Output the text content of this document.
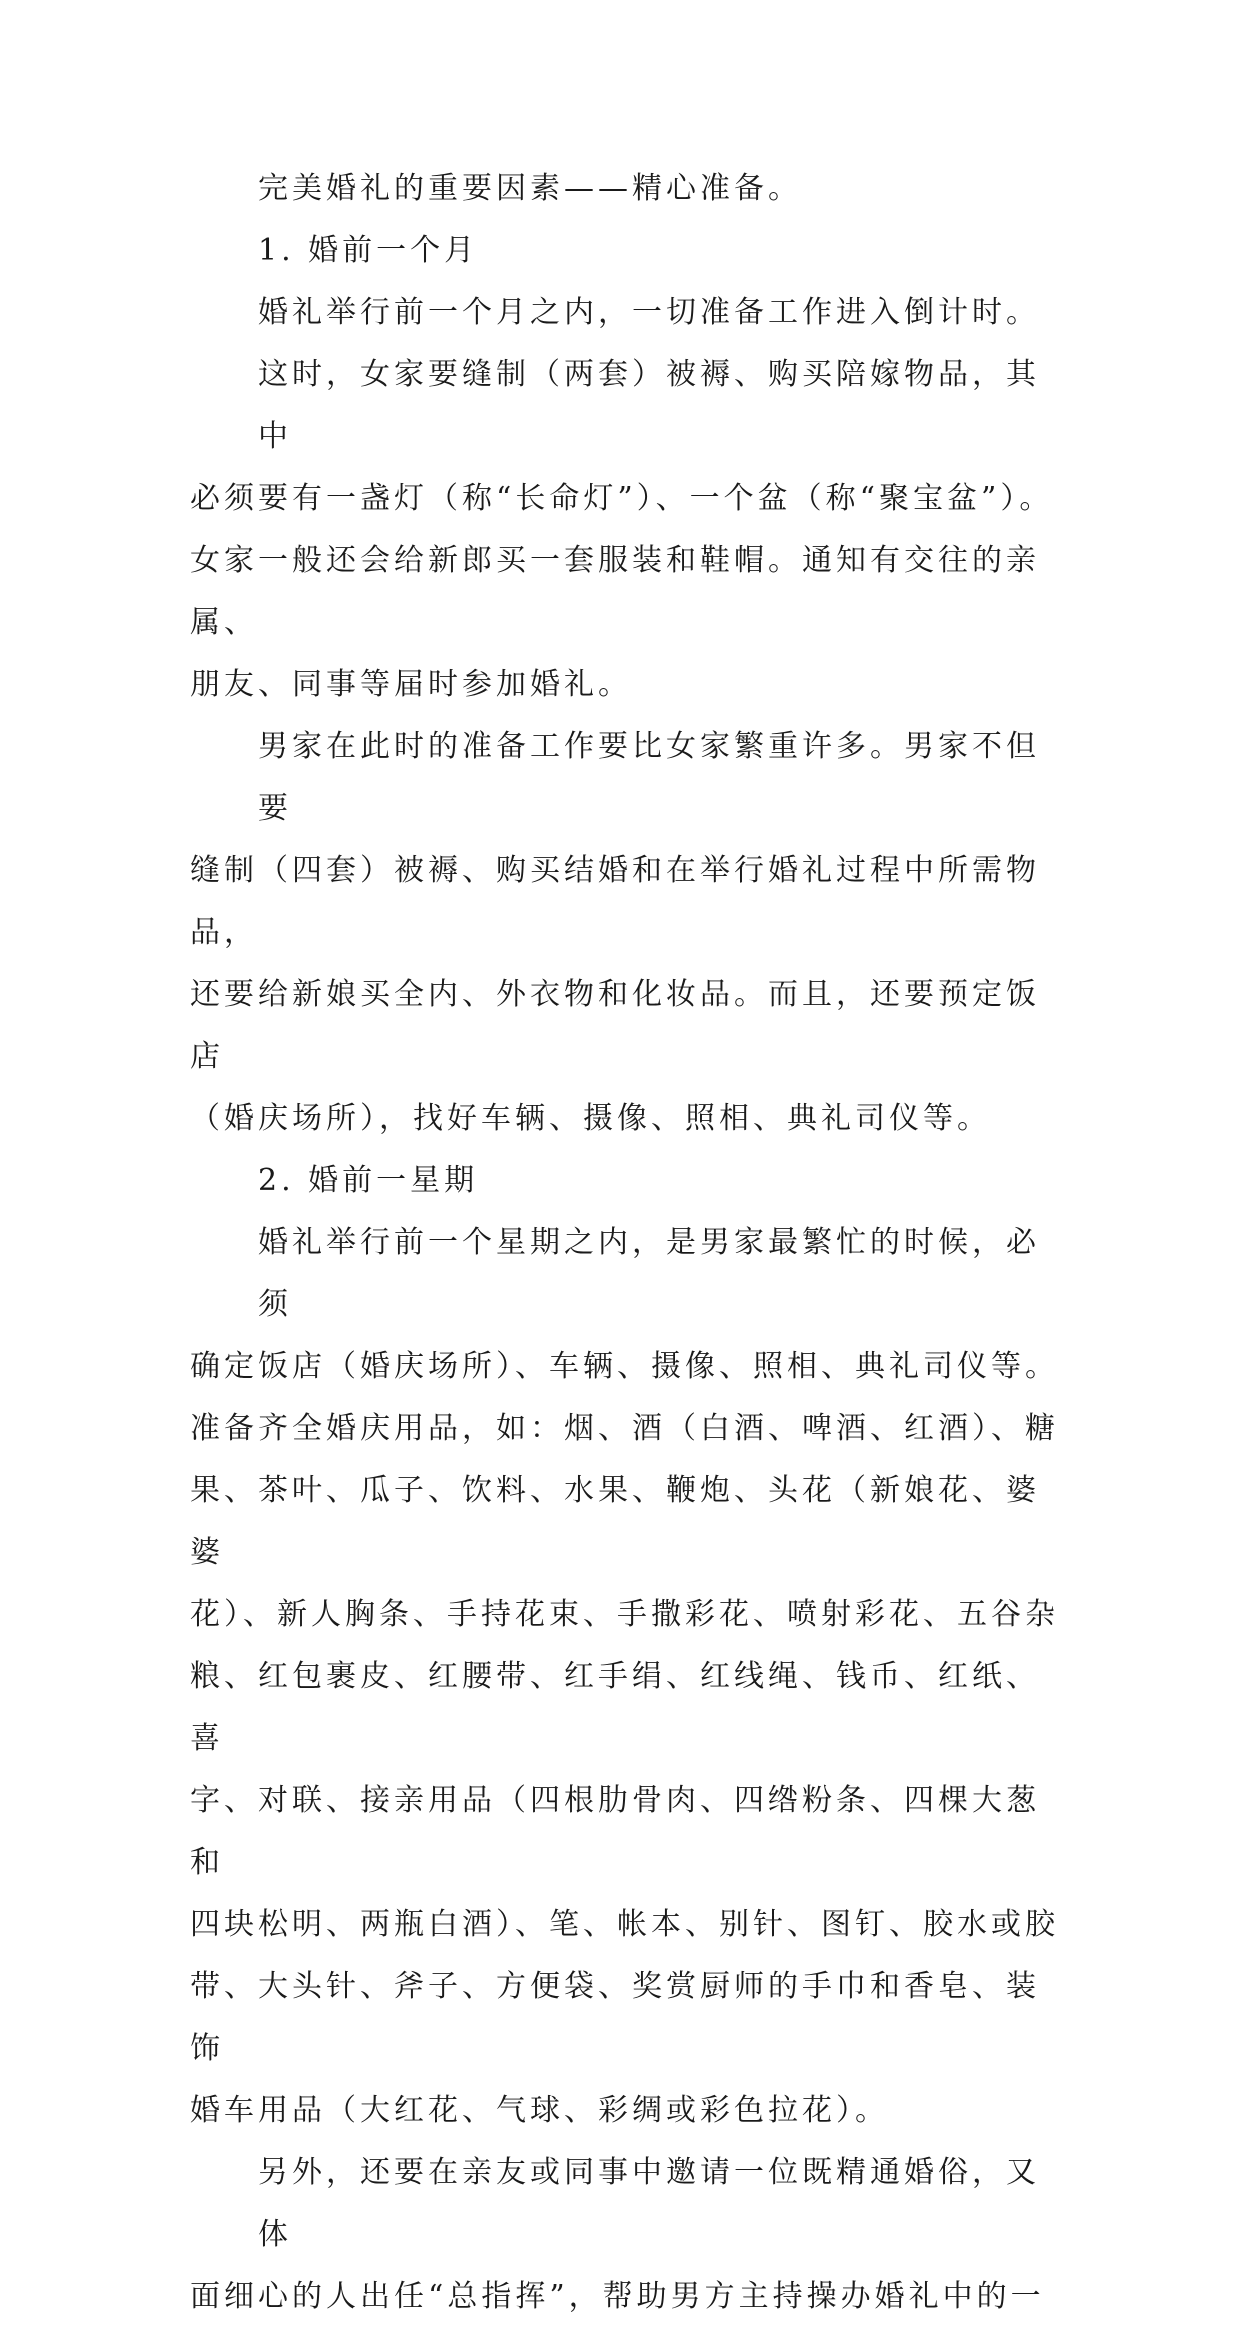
完美婚礼的重要因素——精心准备。

1. 婚前一个月

婚礼举行前一个月之内，一切准备工作进入倒计时。

这时，女家要缝制（两套）被褥、购买陪嫁物品，其中
必须要有一盏灯（称“长命灯”）、一个盆（称“聚宝盆”）。
女家一般还会给新郎买一套服装和鞋帽。通知有交往的亲属、
朋友、同事等届时参加婚礼。
男家在此时的准备工作要比女家繁重许多。男家不但要
缝制（四套）被褥、购买结婚和在举行婚礼过程中所需物品，
还要给新娘买全内、外衣物和化妆品。而且，还要预定饭店
（婚庆场所），找好车辆、摄像、照相、典礼司仪等。

2. 婚前一星期

婚礼举行前一个星期之内，是男家最繁忙的时候，必须
确定饭店（婚庆场所）、车辆、摄像、照相、典礼司仪等。
准备齐全婚庆用品，如：烟、酒（白酒、啤酒、红酒）、糖
果、茶叶、瓜子、饮料、水果、鞭炮、头花（新娘花、婆婆
花）、新人胸条、手持花束、手撒彩花、喷射彩花、五谷杂
粮、红包裹皮、红腰带、红手绢、红线绳、钱币、红纸、喜
字、对联、接亲用品（四根肋骨肉、四绺粉条、四棵大葱和
四块松明、两瓶白酒）、笔、帐本、别针、图钉、胶水或胶
带、大头针、斧子、方便袋、奖赏厨师的手巾和香皂、装饰
婚车用品（大红花、气球、彩绸或彩色拉花）。
另外，还要在亲友或同事中邀请一位既精通婚俗，又体
面细心的人出任“总指挥”，帮助男方主持操办婚礼中的一
